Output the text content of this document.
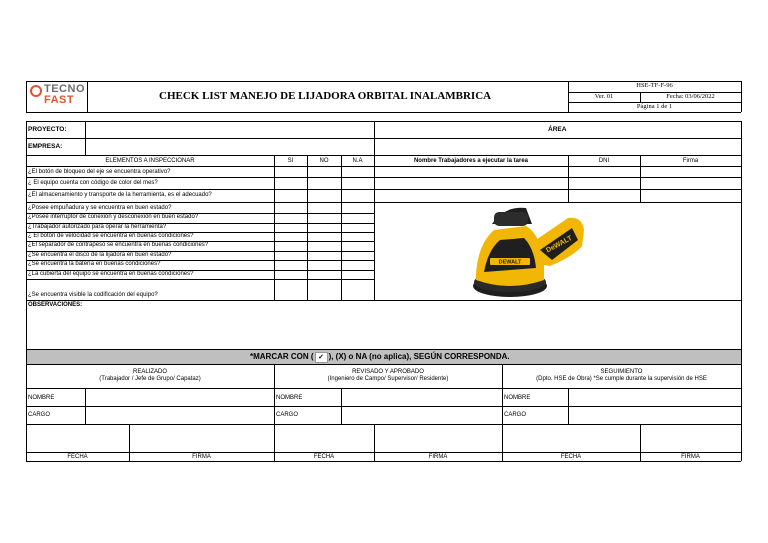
TECNO
FAST	CHECK LIST MANEJO DE LIJADORA ORBITAL INALAMBRICA
HSE-TF-F-96
Ver. 01	Fecha: 03/06/2022
Página 1 de 1
PROYECTO:
EMPRESA:
ÁREA
ELEMENTOS A INSPECCIONAR	SI	NO	N.A	Nombre Trabajadores a ejecutar la tarea	DNI	Firma
¿El botón de bloqueo del eje se encuentra operativo?
¿ El equipo cuenta con código de color del mes?
¿El almacenamiento y transporte de la herramienta, es el adecuado?
¿Posee empuñadura y se encuentra en buen estado?
¿Posee interruptor de conexión y desconexión en buen estado?
¿Trabajador autorizado para operar la herramienta?
¿ El botón de velocidad se encuentra en buenas condiciones?
¿El separador de contrapeso se encuentra en buenas condiciones?
¿Se encuentra el disco de la lijadora en buen estado?
¿Se encuentra la batería en buenas condiciones?
¿La cubierta del equipo se encuentra en buenas condiciones?
¿Se encuentra visible la codificación del equipo?
DEWALT
DeWALT
OBSERVACIONES:
*MARCAR CON ( ✓ ), (X) o NA (no aplica), SEGÚN CORRESPONDA.
REALIZADO
(Trabajador / Jefe de Grupo/ Capataz)
REVISADO Y APROBADO
(Ingeniero de Campo/ Supervisor/ Residente)
SEGUIMIENTO
(Dpto. HSE de Obra) *Se cumple durante la supervisión de HSE
NOMBRE	NOMBRE	NOMBRE
CARGO	CARGO	CARGO
FECHA	FIRMA	FECHA	FIRMA	FECHA	FIRMA
